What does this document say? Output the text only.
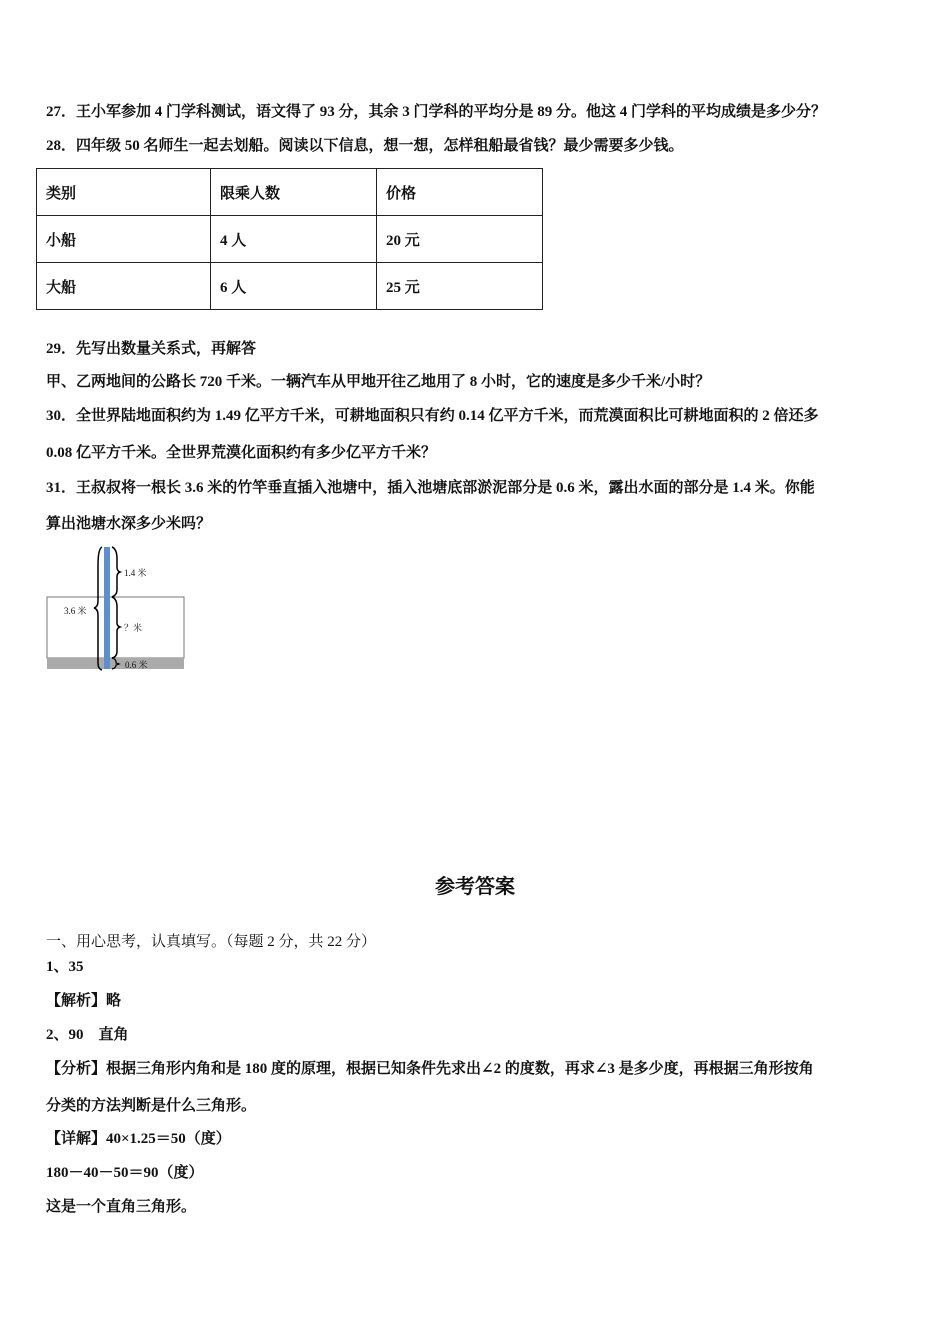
27．王小军参加 4 门学科测试，语文得了 93 分，其余 3 门学科的平均分是 89 分。他这 4 门学科的平均成绩是多少分？
28．四年级 50 名师生一起去划船。阅读以下信息，想一想，怎样租船最省钱？最少需要多少钱。
类别	限乘人数	价格
小船	4 人	20 元
大船	6 人	25 元
29．先写出数量关系式，再解答
甲、乙两地间的公路长 720 千米。一辆汽车从甲地开往乙地用了 8 小时，它的速度是多少千米/小时？
30．全世界陆地面积约为 1.49 亿平方千米，可耕地面积只有约 0.14 亿平方千米，而荒漠面积比可耕地面积的 2 倍还多
0.08 亿平方千米。全世界荒漠化面积约有多少亿平方千米？
31．王叔叔将一根长 3.6 米的竹竿垂直插入池塘中，插入池塘底部淤泥部分是 0.6 米，露出水面的部分是 1.4 米。你能
算出池塘水深多少米吗？
1.4 米
3.6 米
？米
0.6 米
参考答案
一、用心思考，认真填写。（每题 2 分，共 22 分）
1、35
【解析】略
2、90    直角
【分析】根据三角形内角和是 180 度的原理，根据已知条件先求出∠2 的度数，再求∠3 是多少度，再根据三角形按角
分类的方法判断是什么三角形。
【详解】40×1.25＝50（度）
180－40－50＝90（度）
这是一个直角三角形。
